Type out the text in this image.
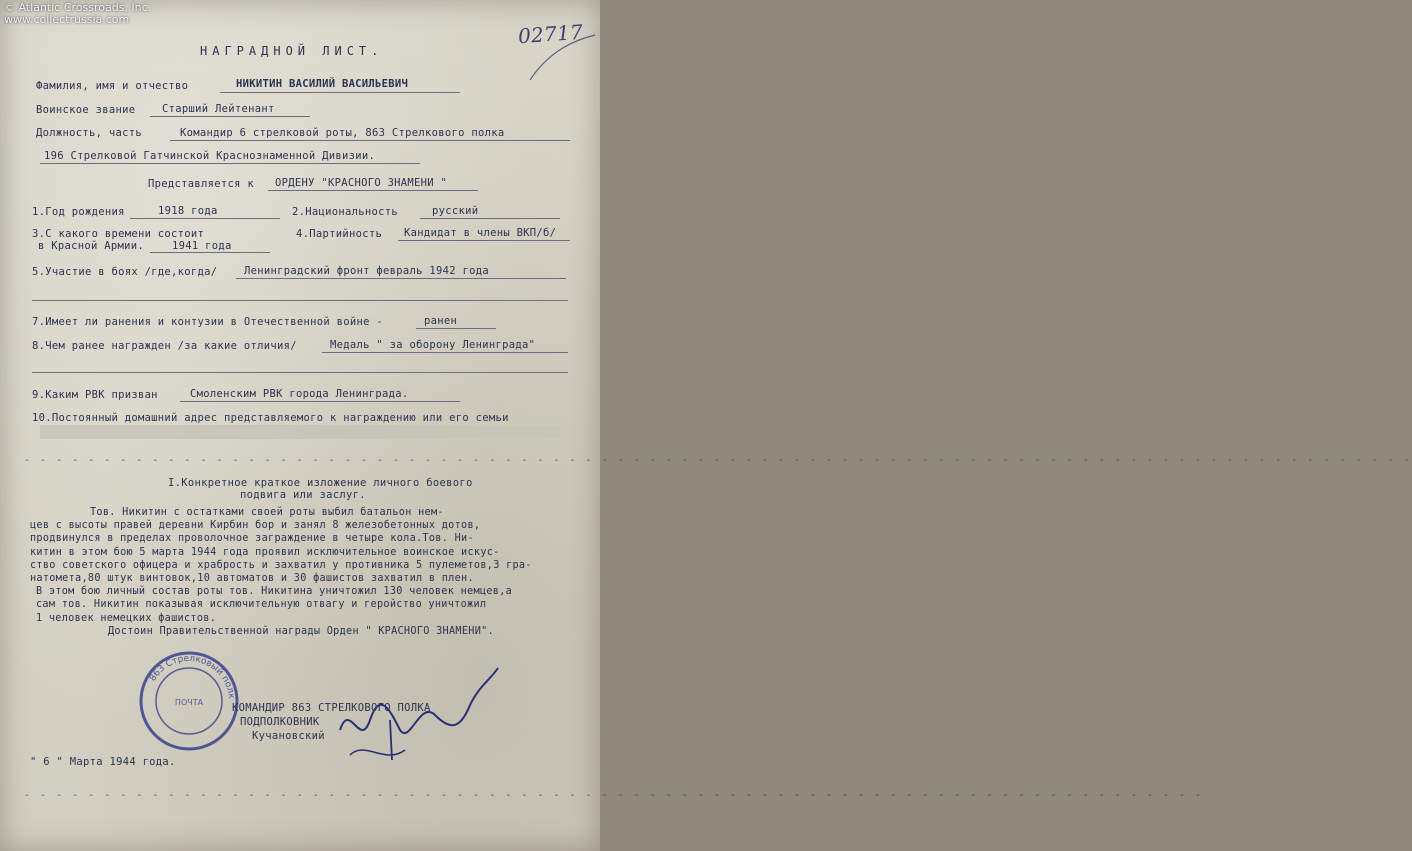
© Atlantic Crossroads, Inc.
www.collectrussia.com
02717
НАГРАДНОЙ ЛИСТ.
Фамилия, имя и отчество	НИКИТИН ВАСИЛИЙ ВАСИЛЬЕВИЧ
Воинское звание	Старший Лейтенант
Должность, часть	Командир 6 стрелковой роты, 863 Стрелкового полка
196 Стрелковой Гатчинской Краснознаменной Дивизии.
Представляется к ОРДЕНУ "КРАСНОГО ЗНАМЕНИ "
1.Год рождения	1918 года	2.Национальность	русский
3.С какого времени состоит
в Красной Армии.	1941 года
4.Партийность Кандидат в члены ВКП/б/
5.Участие в боях /где,когда/	Ленинградский фронт февраль 1942 года
7.Имеет ли ранения и контузии в Отечественной войне -	ранен
8.Чем ранее награжден /за какие отличия/	Медаль " за оборону Ленинграда"
9.Каким РВК призван	Смоленским РВК города Ленинграда.
10.Постоянный домашний адрес представляемого к награждению или его семьи
- - - - - - - - - - - - - - - - - - - - - - - - - - - - - - - - - - - - - - - - - - - - - - - - - - - - - - - - - - - - - - - - - - - - - - - - - - - - - - - - - - - - - - -
I.Конкретное краткое изложение личного боевого
подвига или заслуг.
Тов. Никитин с остатками своей роты выбил батальон нем-
цев с высоты правей деревни Кирбин бор и занял 8 железобетонных дотов,
продвинулся в пределах проволочное заграждение в четыре кола.Тов. Ни-
китин в этом бою 5 марта 1944 года проявил исключительное воинское искус-
ство советского офицера и храбрость и захватил у противника 5 пулеметов,3 гра-
натомета,80 штук винтовок,10 автоматов и 30 фашистов захватил в плен.
В этом бою личный состав роты тов. Никитина уничтожил 130 человек немцев,а
сам тов. Никитин показывая исключительную отвагу и геройство уничтожил
1 человек немецких фашистов.
Достоин Правительственной награды Орден " КРАСНОГО ЗНАМЕНИ".
863 Стрелковый полк
ПОЧТА	КОМАНДИР 863 СТРЕЛКОВОГО ПОЛКА
ПОДПОЛКОВНИК
Кучановский
" 6 " Марта 1944 года.
- - - - - - - - - - - - - - - - - - - - - - - - - - - - - - - - - - - - - - - - - - - - - - - - - - - - - - - - - - - - - - - - - - - - - - - - - -
